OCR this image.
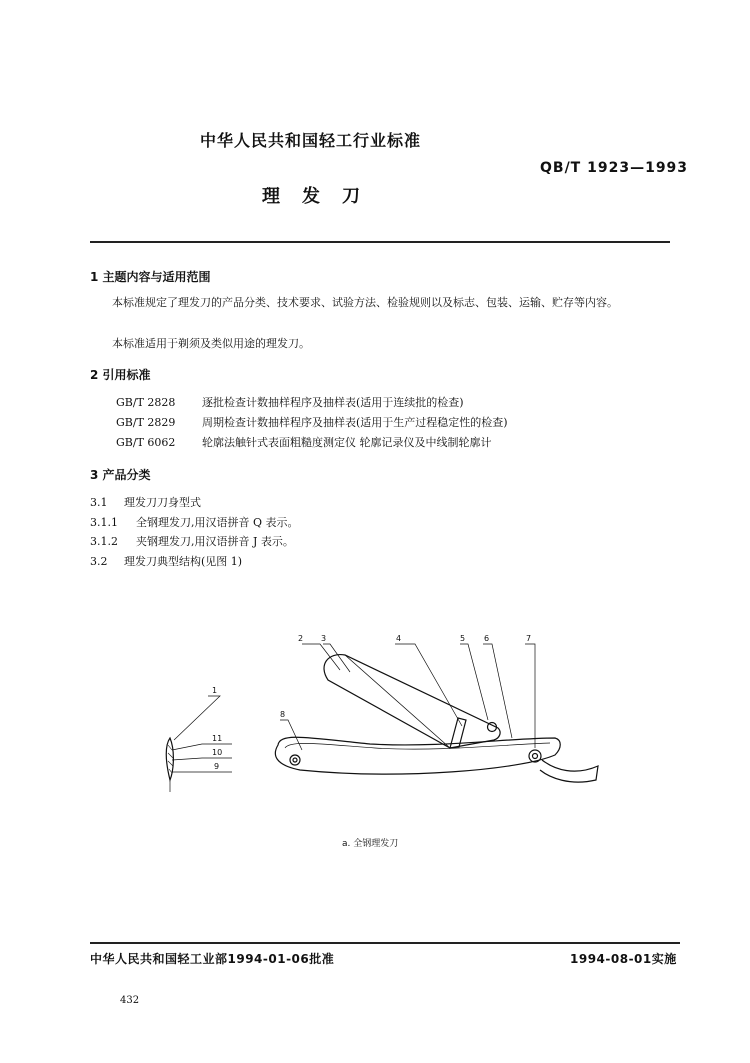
中华人民共和国轻工行业标准
QB/T 1923—1993
理发刀
1 主题内容与适用范围
本标准规定了理发刀的产品分类、技术要求、试验方法、检验规则以及标志、包装、运输、贮存等内容。
本标准适用于剃须及类似用途的理发刀。
2 引用标准
GB/T 2828 逐批检查计数抽样程序及抽样表(适用于连续批的检查)
GB/T 2829 周期检查计数抽样程序及抽样表(适用于生产过程稳定性的检查)
GB/T 6062 轮廓法触针式表面粗糙度测定仪 轮廓记录仪及中线制轮廓计
3 产品分类
3.1 理发刀刀身型式
3.1.1 全钢理发刀,用汉语拼音 Q 表示。
3.1.2 夹钢理发刀,用汉语拼音 J 表示。
3.2 理发刀典型结构(见图 1)
2 3	4	5 6	7
8
1
11
10
9
a. 全钢理发刀
中华人民共和国轻工业部1994-01-06批准	1994-08-01实施
432
